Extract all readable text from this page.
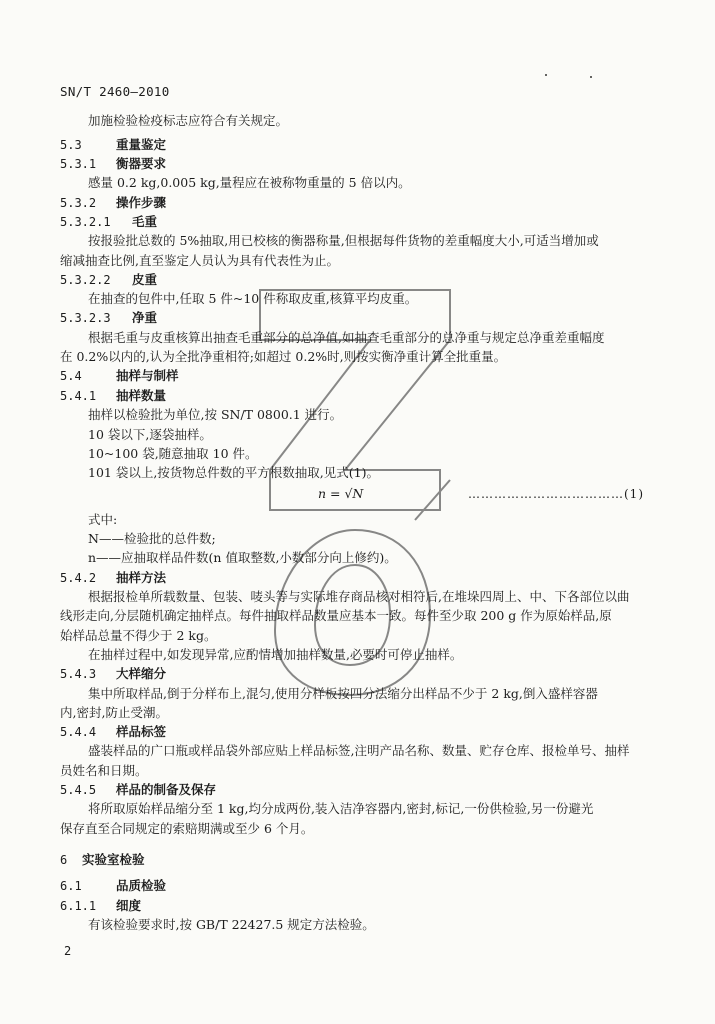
SN/T 2460—2010
加施检验检疫标志应符合有关规定。
5.3	重量鉴定
5.3.1 衡器要求
感量 0.2 kg,0.005 kg,量程应在被称物重量的 5 倍以内。
5.3.2 操作步骤
5.3.2.1 毛重
按报验批总数的 5%抽取,用已校核的衡器称量,但根据每件货物的差重幅度大小,可适当增加或
缩减抽查比例,直至鉴定人员认为具有代表性为止。
5.3.2.2 皮重
在抽查的包件中,任取 5 件~10 件称取皮重,核算平均皮重。
5.3.2.3 净重
根据毛重与皮重核算出抽查毛重部分的总净值,如抽查毛重部分的总净重与规定总净重差重幅度
在 0.2%以内的,认为全批净重相符;如超过 0.2%时,则按实衡净重计算全批重量。
5.4	抽样与制样
5.4.1 抽样数量
抽样以检验批为单位,按 SN/T 0800.1 进行。
10 袋以下,逐袋抽样。
10~100 袋,随意抽取 10 件。
101 袋以上,按货物总件数的平方根数抽取,见式(1)。
n = √N	………………………………(1)
式中:
N——检验批的总件数;
n——应抽取样品件数(n 值取整数,小数部分向上修约)。
5.4.2 抽样方法
根据报检单所载数量、包装、唛头等与实际堆存商品核对相符后,在堆垛四周上、中、下各部位以曲
线形走向,分层随机确定抽样点。每件抽取样品数量应基本一致。每件至少取 200 g 作为原始样品,原
始样品总量不得少于 2 kg。
在抽样过程中,如发现异常,应酌情增加抽样数量,必要时可停止抽样。
5.4.3 大样缩分
集中所取样品,倒于分样布上,混匀,使用分样板按四分法缩分出样品不少于 2 kg,倒入盛样容器
内,密封,防止受潮。
5.4.4 样品标签
盛装样品的广口瓶或样品袋外部应贴上样品标签,注明产品名称、数量、贮存仓库、报检单号、抽样
员姓名和日期。
5.4.5 样品的制备及保存
将所取原始样品缩分至 1 kg,均分成两份,装入洁净容器内,密封,标记,一份供检验,另一份避光
保存直至合同规定的索赔期满或至少 6 个月。
6 实验室检验
6.1	品质检验
6.1.1 细度
有该检验要求时,按 GB/T 22427.5 规定方法检验。
2
